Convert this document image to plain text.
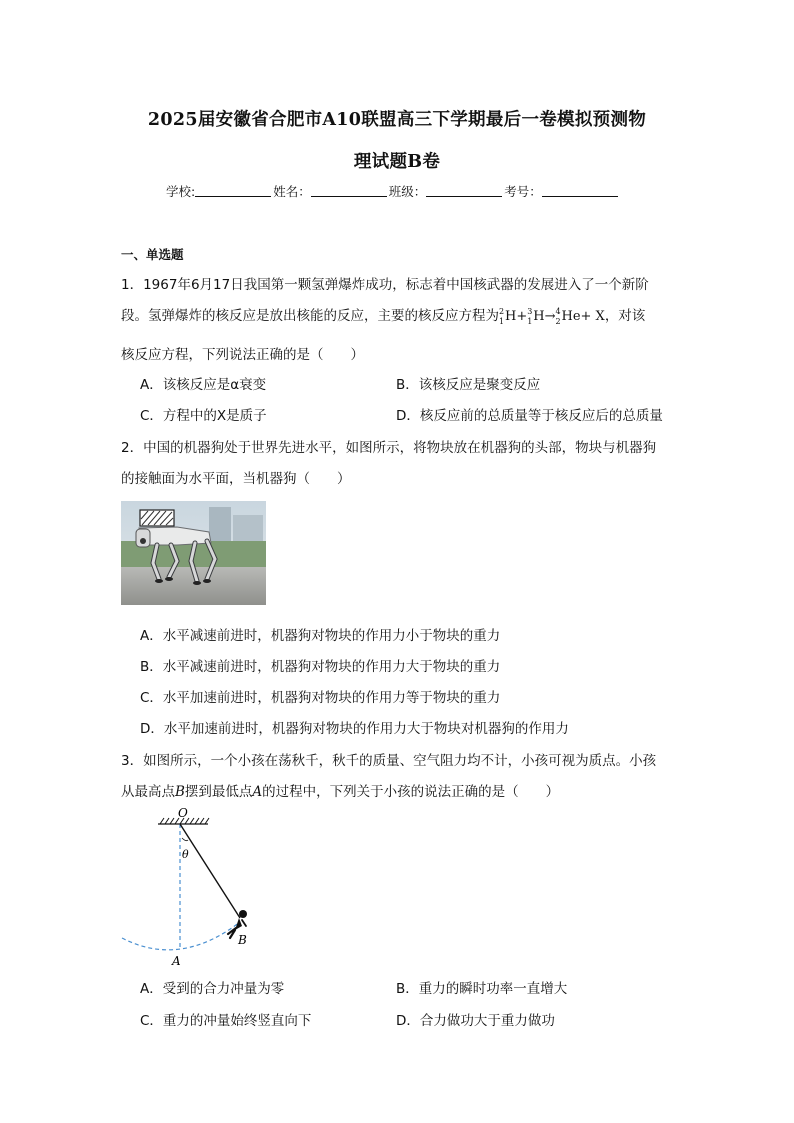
2025届安徽省合肥市A10联盟高三下学期最后一卷模拟预测物
理试题B卷
学校:	姓名：	班级：	考号：
一、单选题
1．1967年6月17日我国第一颗氢弹爆炸成功，标志着中国核武器的发展进入了一个新阶
段。氢弹爆炸的核反应是放出核能的反应，主要的核反应方程为 2
1 H+ 3
1 H→ 4
2 He+ X，对该
核反应方程，下列说法正确的是（　　）
A．该核反应是α衰变	B．该核反应是聚变反应
C．方程中的X是质子	D．核反应前的总质量等于核反应后的总质量
2．中国的机器狗处于世界先进水平，如图所示，将物块放在机器狗的头部，物块与机器狗
的接触面为水平面，当机器狗（　　）
A．水平减速前进时，机器狗对物块的作用力小于物块的重力
B．水平减速前进时，机器狗对物块的作用力大于物块的重力
C．水平加速前进时，机器狗对物块的作用力等于物块的重力
D．水平加速前进时，机器狗对物块的作用力大于物块对机器狗的作用力
3．如图所示，一个小孩在荡秋千，秋千的质量、空气阻力均不计，小孩可视为质点。小孩
从最高点B摆到最低点A的过程中，下列关于小孩的说法正确的是（　　）
O
θ
B
A
A．受到的合力冲量为零	B．重力的瞬时功率一直增大
C．重力的冲量始终竖直向下	D．合力做功大于重力做功
